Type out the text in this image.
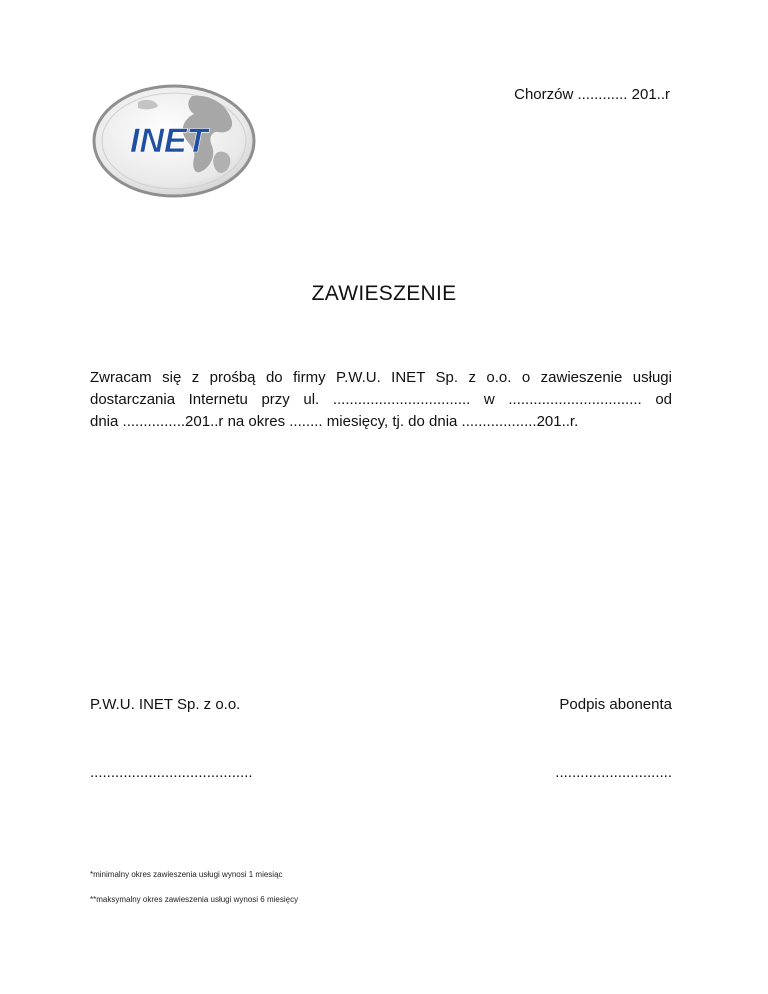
INET
Chorzów ............ 201..r
ZAWIESZENIE
Zwracam się z prośbą do firmy P.W.U. INET Sp. z o.o. o zawieszenie usługi
dostarczania Internetu przy ul. ................................. w ................................ od
dnia ...............201..r na okres ........ miesięcy, tj. do dnia ..................201..r.
P.W.U. INET Sp. z o.o.	Podpis abonenta
.......................................	............................
*minimalny okres zawieszenia usługi wynosi 1 miesiąc
**maksymalny okres zawieszenia usługi wynosi 6 miesięcy
